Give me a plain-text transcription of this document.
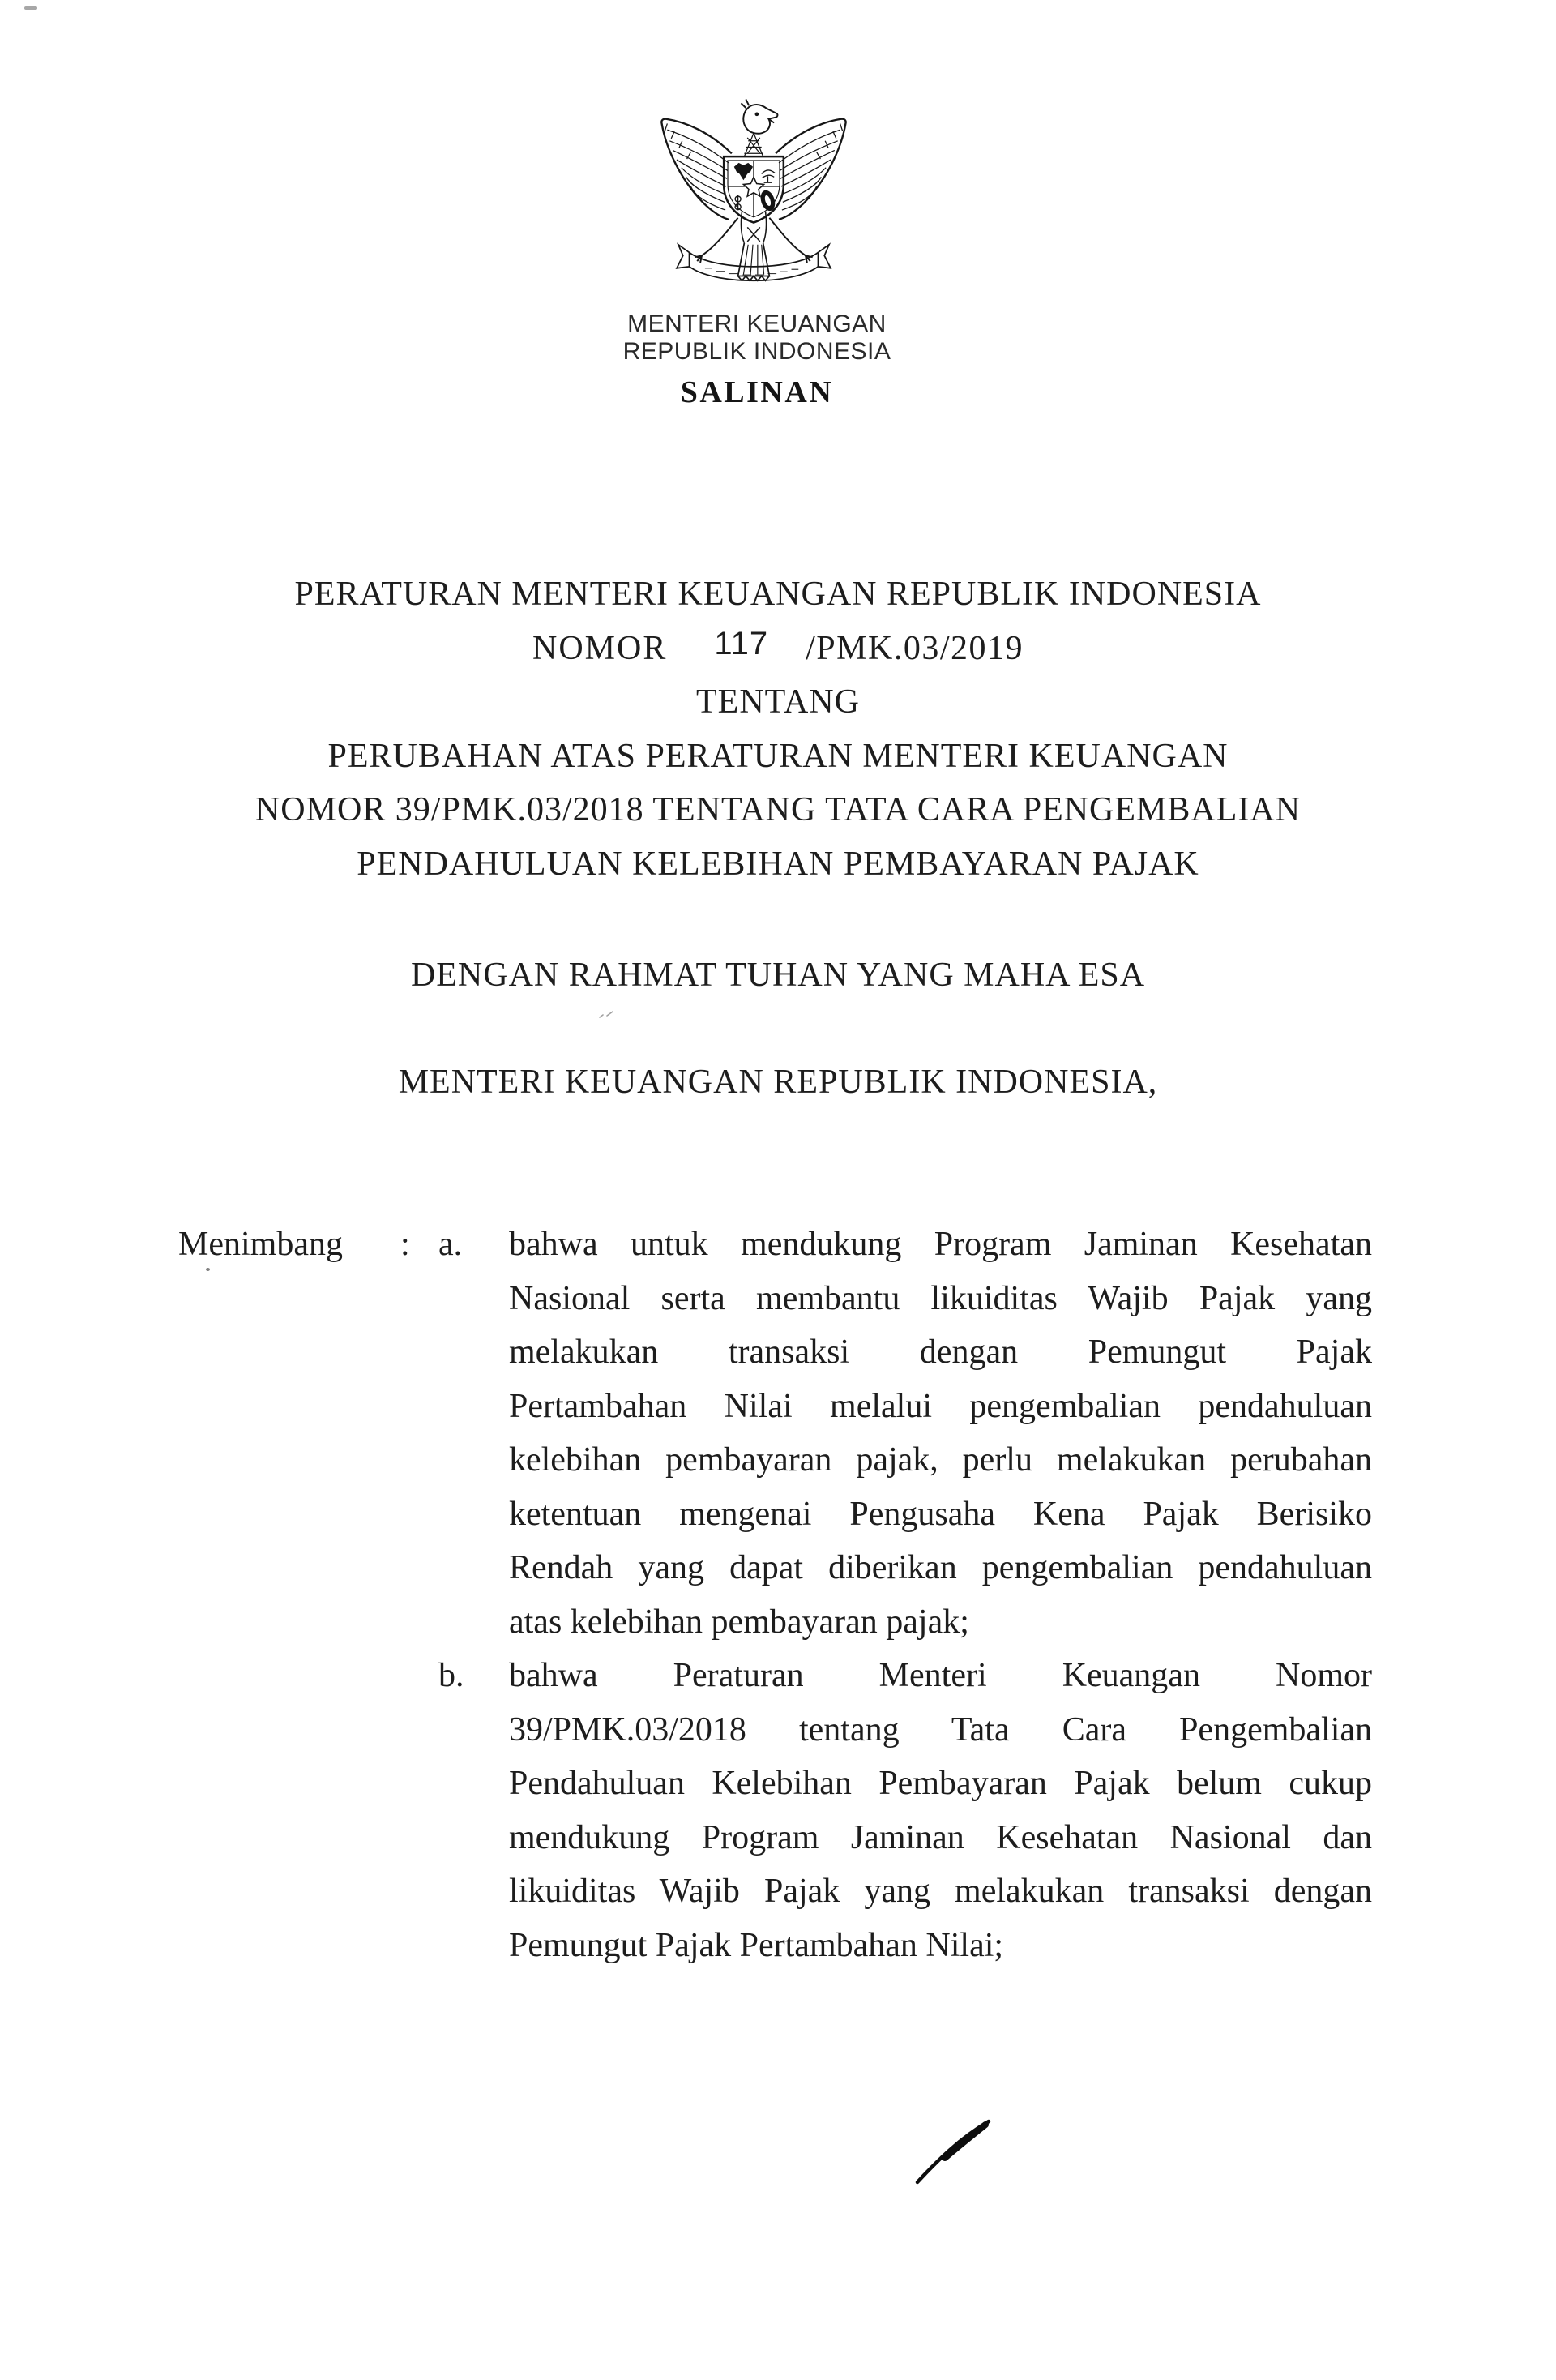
MENTERI KEUANGAN
REPUBLIK INDONESIA
SALINAN
PERATURAN MENTERI KEUANGAN REPUBLIK INDONESIA
NOMOR 117 /PMK.03/2019
TENTANG
PERUBAHAN ATAS PERATURAN MENTERI KEUANGAN
NOMOR 39/PMK.03/2018 TENTANG TATA CARA PENGEMBALIAN
PENDAHULUAN KELEBIHAN PEMBAYARAN PAJAK
DENGAN RAHMAT TUHAN YANG MAHA ESA
MENTERI KEUANGAN REPUBLIK INDONESIA,
Menimbang	: a.	bahwa untuk mendukung Program Jaminan Kesehatan
Nasional serta membantu likuiditas Wajib Pajak yang
melakukan transaksi dengan Pemungut Pajak
Pertambahan Nilai melalui pengembalian pendahuluan
kelebihan pembayaran pajak, perlu melakukan perubahan
ketentuan mengenai Pengusaha Kena Pajak Berisiko
Rendah yang dapat diberikan pengembalian pendahuluan
atas kelebihan pembayaran pajak;
b.	bahwa Peraturan Menteri Keuangan Nomor
39/PMK.03/2018 tentang Tata Cara Pengembalian
Pendahuluan Kelebihan Pembayaran Pajak belum cukup
mendukung Program Jaminan Kesehatan Nasional dan
likuiditas Wajib Pajak yang melakukan transaksi dengan
Pemungut Pajak Pertambahan Nilai;
